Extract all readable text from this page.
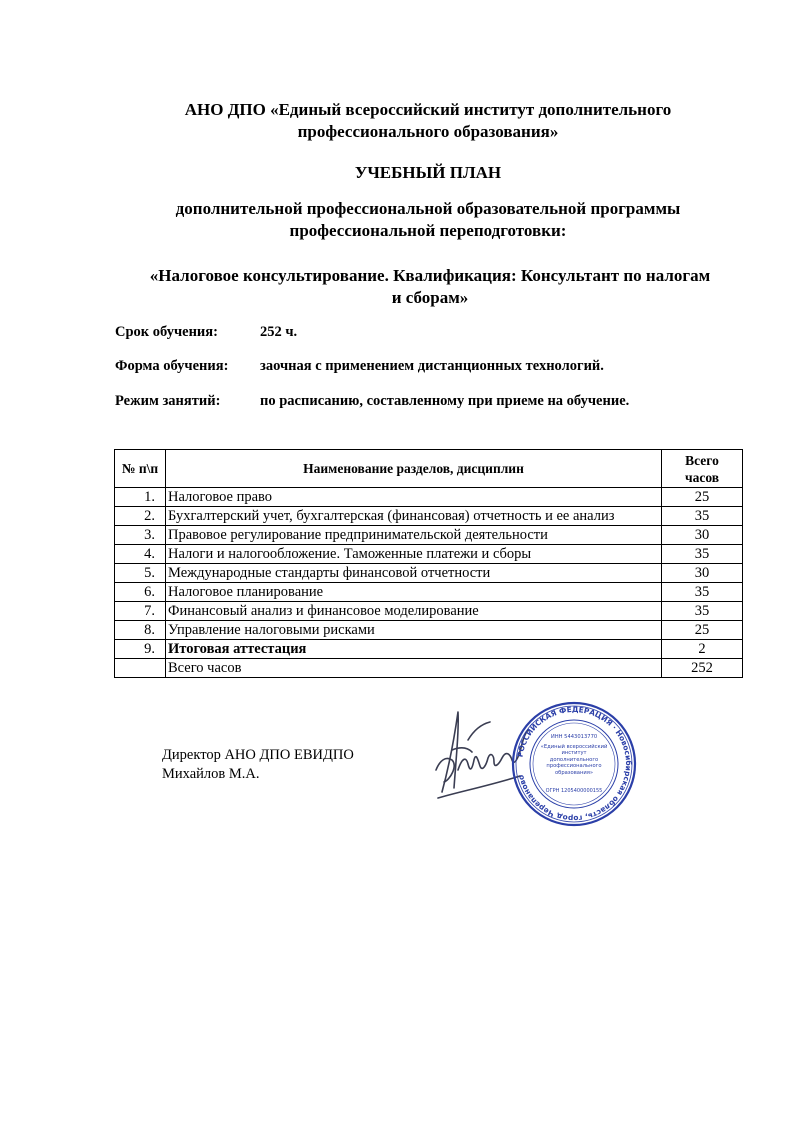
АНО ДПО «Единый всероссийский институт дополнительного
профессионального образования»
УЧЕБНЫЙ ПЛАН
дополнительной профессиональной образовательной программы
профессиональной переподготовки:
«Налоговое консультирование. Квалификация: Консультант по налогам
и сборам»
Срок обучения:	252 ч.
Форма обучения: заочная с применением дистанционных технологий.
Режим занятий:	по расписанию, составленному при приеме на обучение.
№ п\п	Наименование разделов, дисциплин	Всего
часов

1.	Налоговое право	25
2.	Бухгалтерский учет, бухгалтерская (финансовая) отчетность и ее анализ	35
3.	Правовое регулирование предпринимательской деятельности	30
4.	Налоги и налогообложение. Таможенные платежи и сборы	35
5.	Международные стандарты финансовой отчетности	30
6.	Налоговое планирование	35
7.	Финансовый анализ и финансовое моделирование	35
8.	Управление налоговыми рисками	25
9.	Итоговая аттестация	2
	Всего часов	252
Директор АНО ДПО ЕВИДПО
Михайлов М.А.
РОССИЙСКАЯ ФЕДЕРАЦИЯ · Новосибирская область, город Черепаново
ИНН 5443013770
ОГРН 1205400000155
«Единый всероссийский институт дополнительного профессионального образования»
